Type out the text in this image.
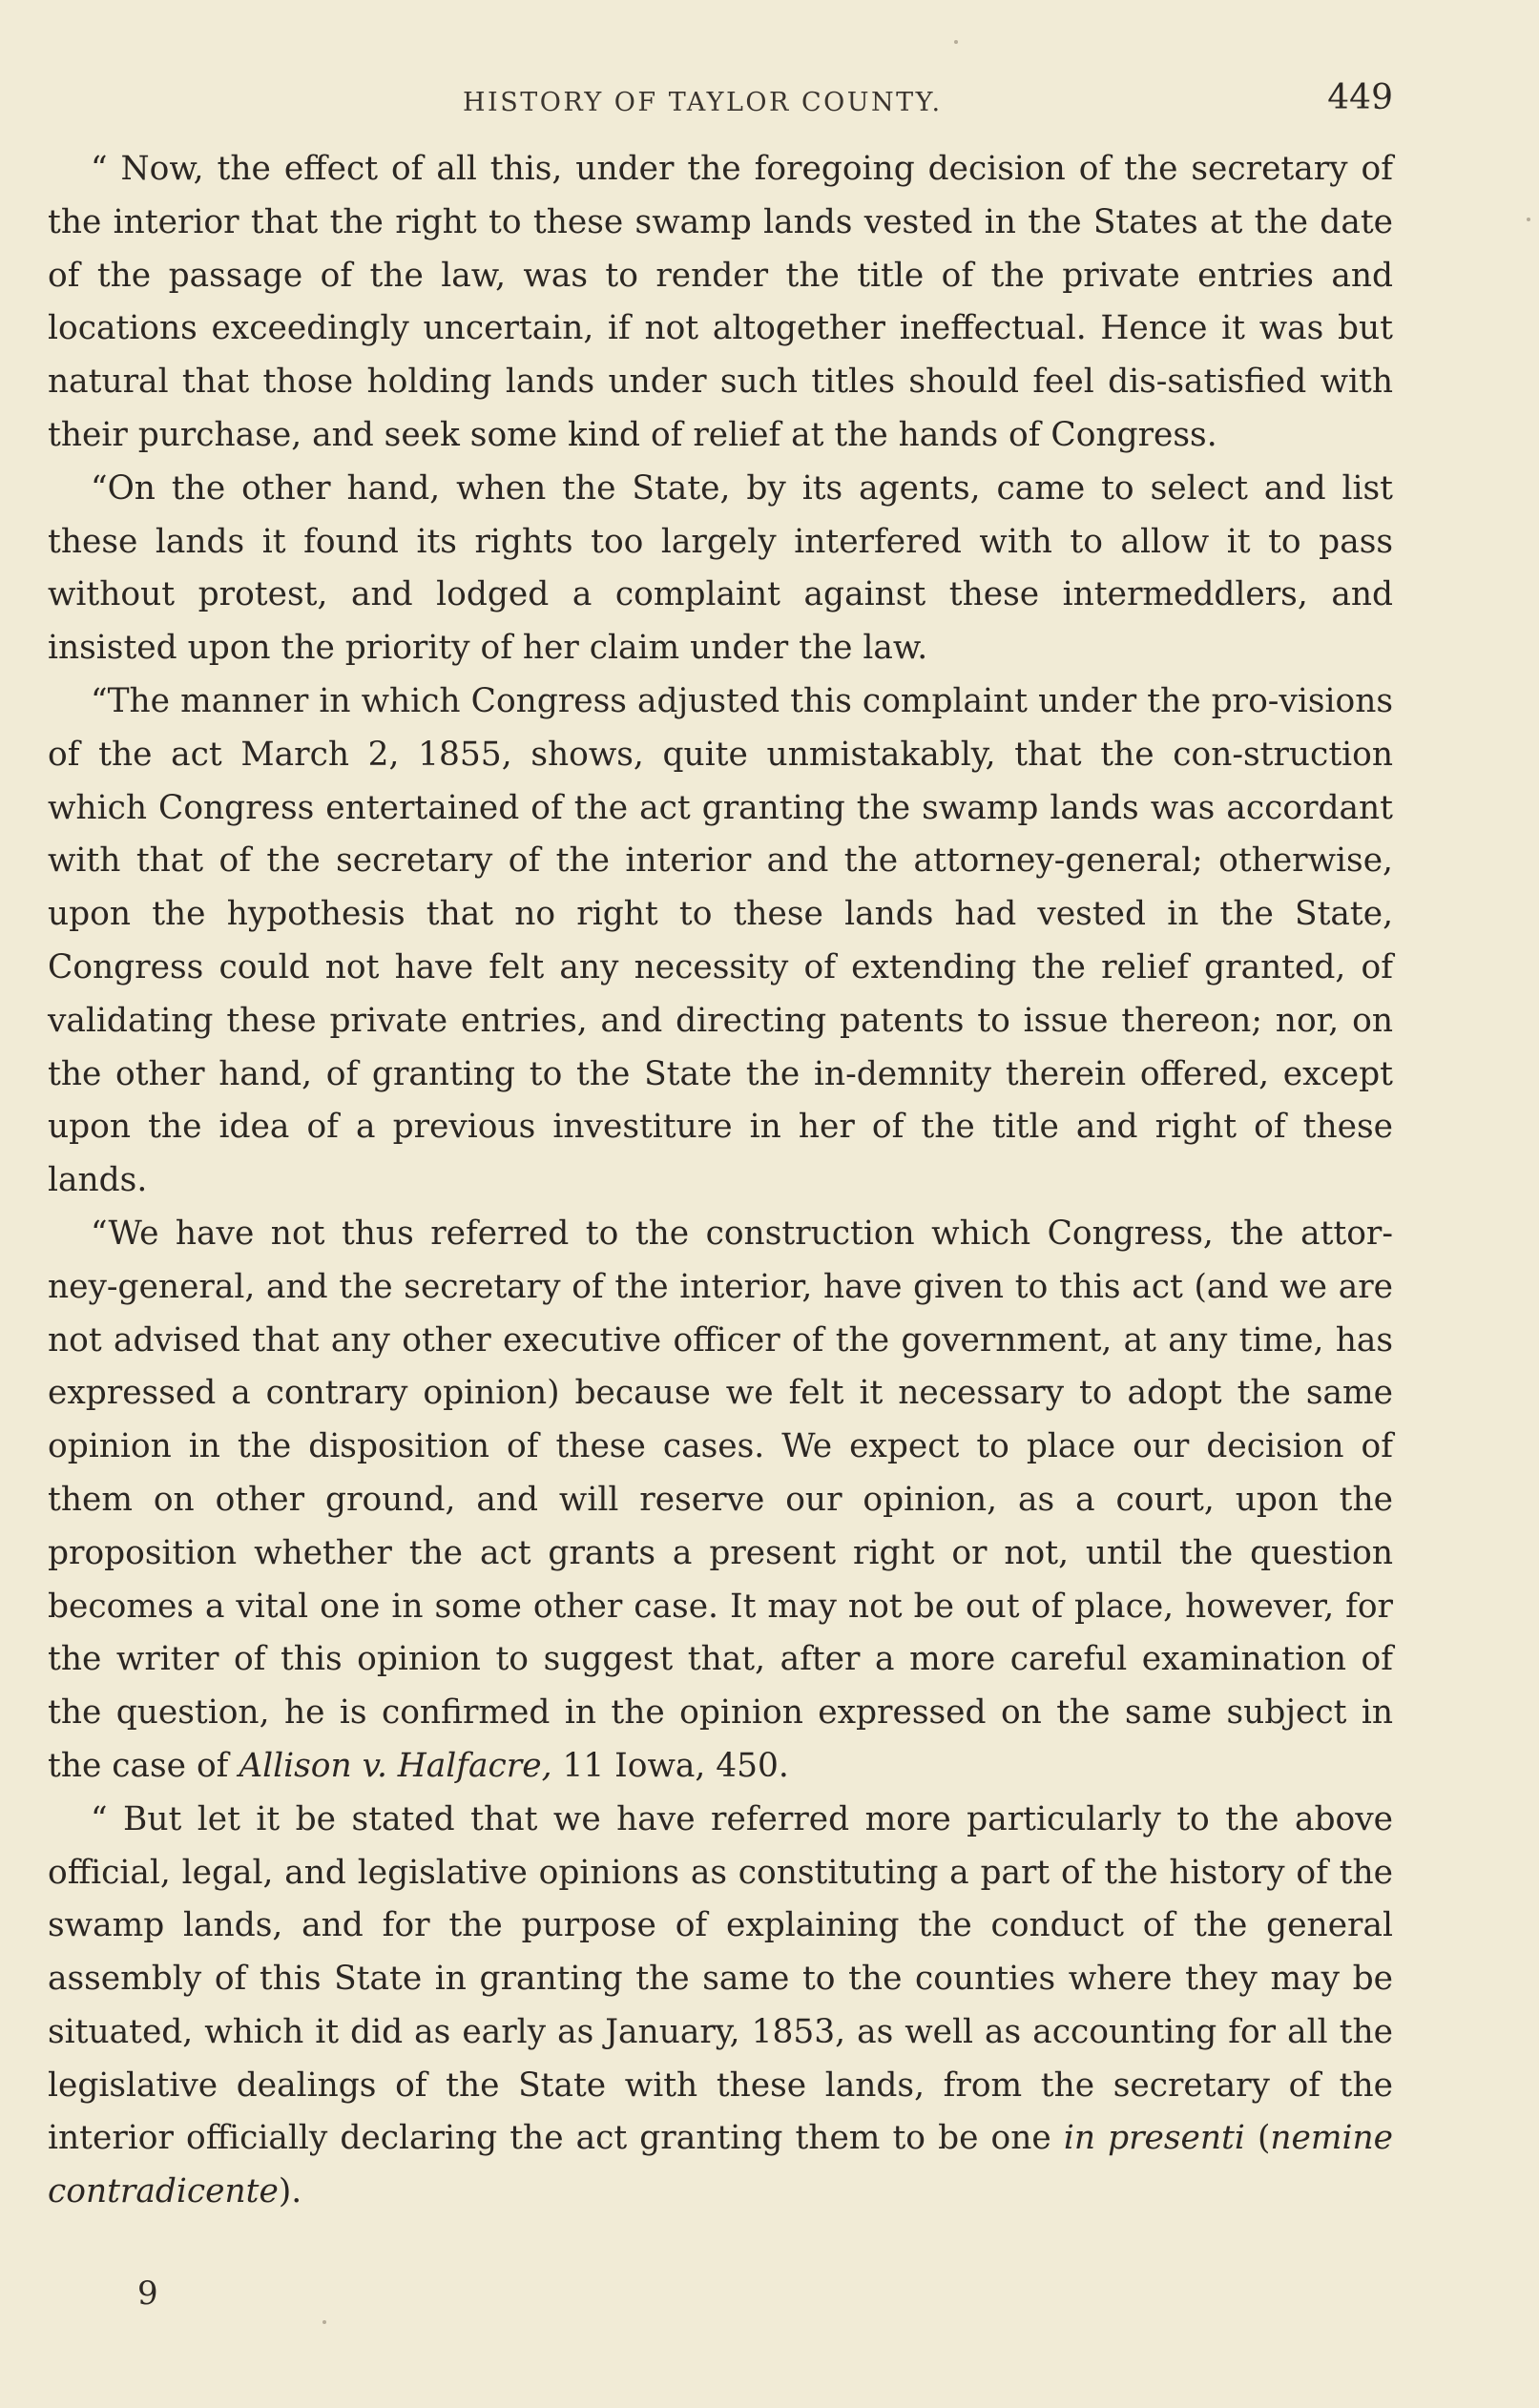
HISTORY OF TAYLOR COUNTY.	449

“ Now, the effect of all this, under the foregoing decision of the secretary of the interior that the right to these swamp lands vested in the States at the date of the passage of the law, was to render the title of the private entries and locations exceedingly uncertain, if not altogether ineffectual. Hence it was but natural that those holding lands under such titles should feel dis-satisfied with their purchase, and seek some kind of relief at the hands of Congress.

“On the other hand, when the State, by its agents, came to select and list these lands it found its rights too largely interfered with to allow it to pass without protest, and lodged a complaint against these intermeddlers, and insisted upon the priority of her claim under the law.

“The manner in which Congress adjusted this complaint under the pro-visions of the act March 2, 1855, shows, quite unmistakably, that the con-struction which Congress entertained of the act granting the swamp lands was accordant with that of the secretary of the interior and the attorney-general; otherwise, upon the hypothesis that no right to these lands had vested in the State, Congress could not have felt any necessity of extending the relief granted, of validating these private entries, and directing patents to issue thereon; nor, on the other hand, of granting to the State the in-demnity therein offered, except upon the idea of a previous investiture in her of the title and right of these lands.

“We have not thus referred to the construction which Congress, the attor-ney-general, and the secretary of the interior, have given to this act (and we are not advised that any other executive officer of the government, at any time, has expressed a contrary opinion) because we felt it necessary to adopt the same opinion in the disposition of these cases. We expect to place our decision of them on other ground, and will reserve our opinion, as a court, upon the proposition whether the act grants a present right or not, until the question becomes a vital one in some other case. It may not be out of place, however, for the writer of this opinion to suggest that, after a more careful examination of the question, he is confirmed in the opinion expressed on the same subject in the case of Allison v. Halfacre, 11 Iowa, 450.

“ But let it be stated that we have referred more particularly to the above official, legal, and legislative opinions as constituting a part of the history of the swamp lands, and for the purpose of explaining the conduct of the general assembly of this State in granting the same to the counties where they may be situated, which it did as early as January, 1853, as well as accounting for all the legislative dealings of the State with these lands, from the secretary of the interior officially declaring the act granting them to be one in presenti (nemine contradicente).

9
